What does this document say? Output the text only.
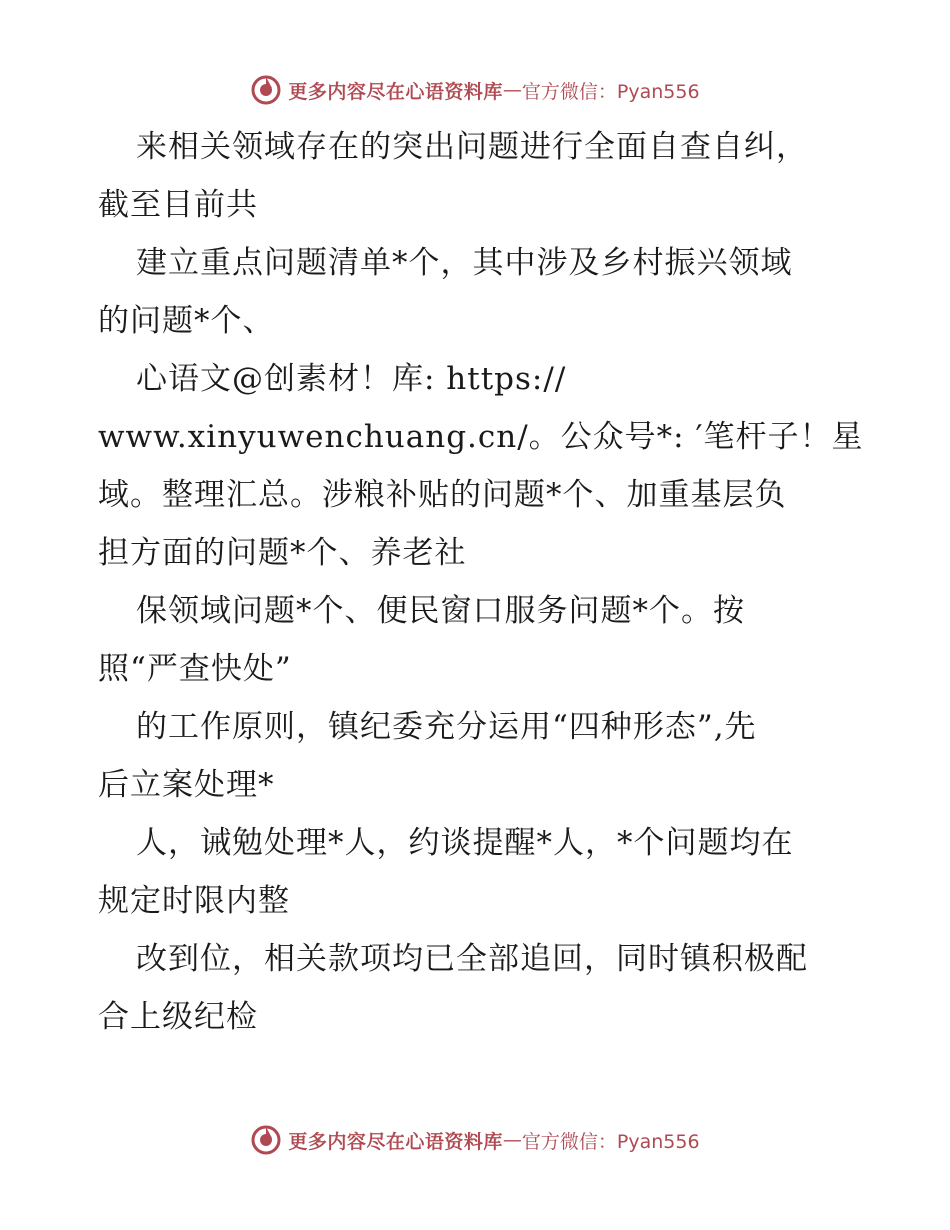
更多内容尽在心语资料库 — 官方微信：Pyan556
来相关领域存在的突出问题进行全面自查自纠，
截至目前共
建立重点问题清单*个，其中涉及乡村振兴领域
的问题*个、
心语文@创素材！库: https://
www.xinyuwenchuang.cn/。公众号*: ′笔杆子！星
域。整理汇总。涉粮补贴的问题*个、加重基层负
担方面的问题*个、养老社
保领域问题*个、便民窗口服务问题*个。按
照“严查快处”
的工作原则，镇纪委充分运用“四种形态”,先
后立案处理*
人，诫勉处理*人，约谈提醒*人，*个问题均在
规定时限内整
改到位，相关款项均已全部追回，同时镇积极配
合上级纪检
更多内容尽在心语资料库 — 官方微信：Pyan556
